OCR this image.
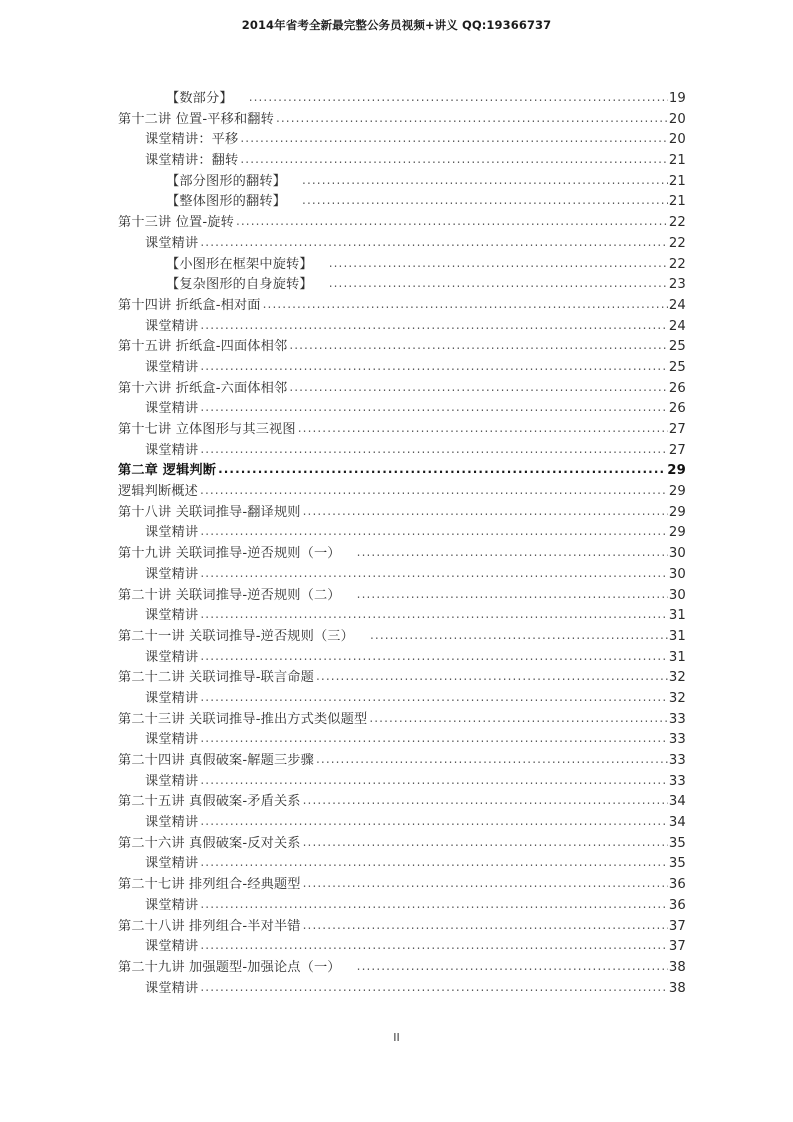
2014年省考全新最完整公务员视频+讲义 QQ:19366737
【数部分】 .....	19
第十二讲 位置-平移和翻转 .....	20
课堂精讲：平移 .....	20
课堂精讲：翻转 .....	21
【部分图形的翻转】 .....	21
【整体图形的翻转】 .....	21
第十三讲 位置-旋转 .....	22
课堂精讲 .....	22
【小图形在框架中旋转】 .....	22
【复杂图形的自身旋转】 .....	23
第十四讲 折纸盒-相对面 .....	24
课堂精讲 .....	24
第十五讲 折纸盒-四面体相邻 .....	25
课堂精讲 .....	25
第十六讲 折纸盒-六面体相邻 .....	26
课堂精讲 .....	26
第十七讲 立体图形与其三视图 .....	27
课堂精讲 .....	27
第二章 逻辑判断 .....	29
逻辑判断概述 .....	29
第十八讲 关联词推导-翻译规则 .....	29
课堂精讲 .....	29
第十九讲 关联词推导-逆否规则（一） .....	30
课堂精讲 .....	30
第二十讲 关联词推导-逆否规则（二） .....	30
课堂精讲 .....	31
第二十一讲 关联词推导-逆否规则（三） .....	31
课堂精讲 .....	31
第二十二讲 关联词推导-联言命题 .....	32
课堂精讲 .....	32
第二十三讲 关联词推导-推出方式类似题型 .....	33
课堂精讲 .....	33
第二十四讲 真假破案-解题三步骤 .....	33
课堂精讲 .....	33
第二十五讲 真假破案-矛盾关系 .....	34
课堂精讲 .....	34
第二十六讲 真假破案-反对关系 .....	35
课堂精讲 .....	35
第二十七讲 排列组合-经典题型 .....	36
课堂精讲 .....	36
第二十八讲 排列组合-半对半错 .....	37
课堂精讲 .....	37
第二十九讲 加强题型-加强论点（一） .....	38
课堂精讲 .....	38
II
